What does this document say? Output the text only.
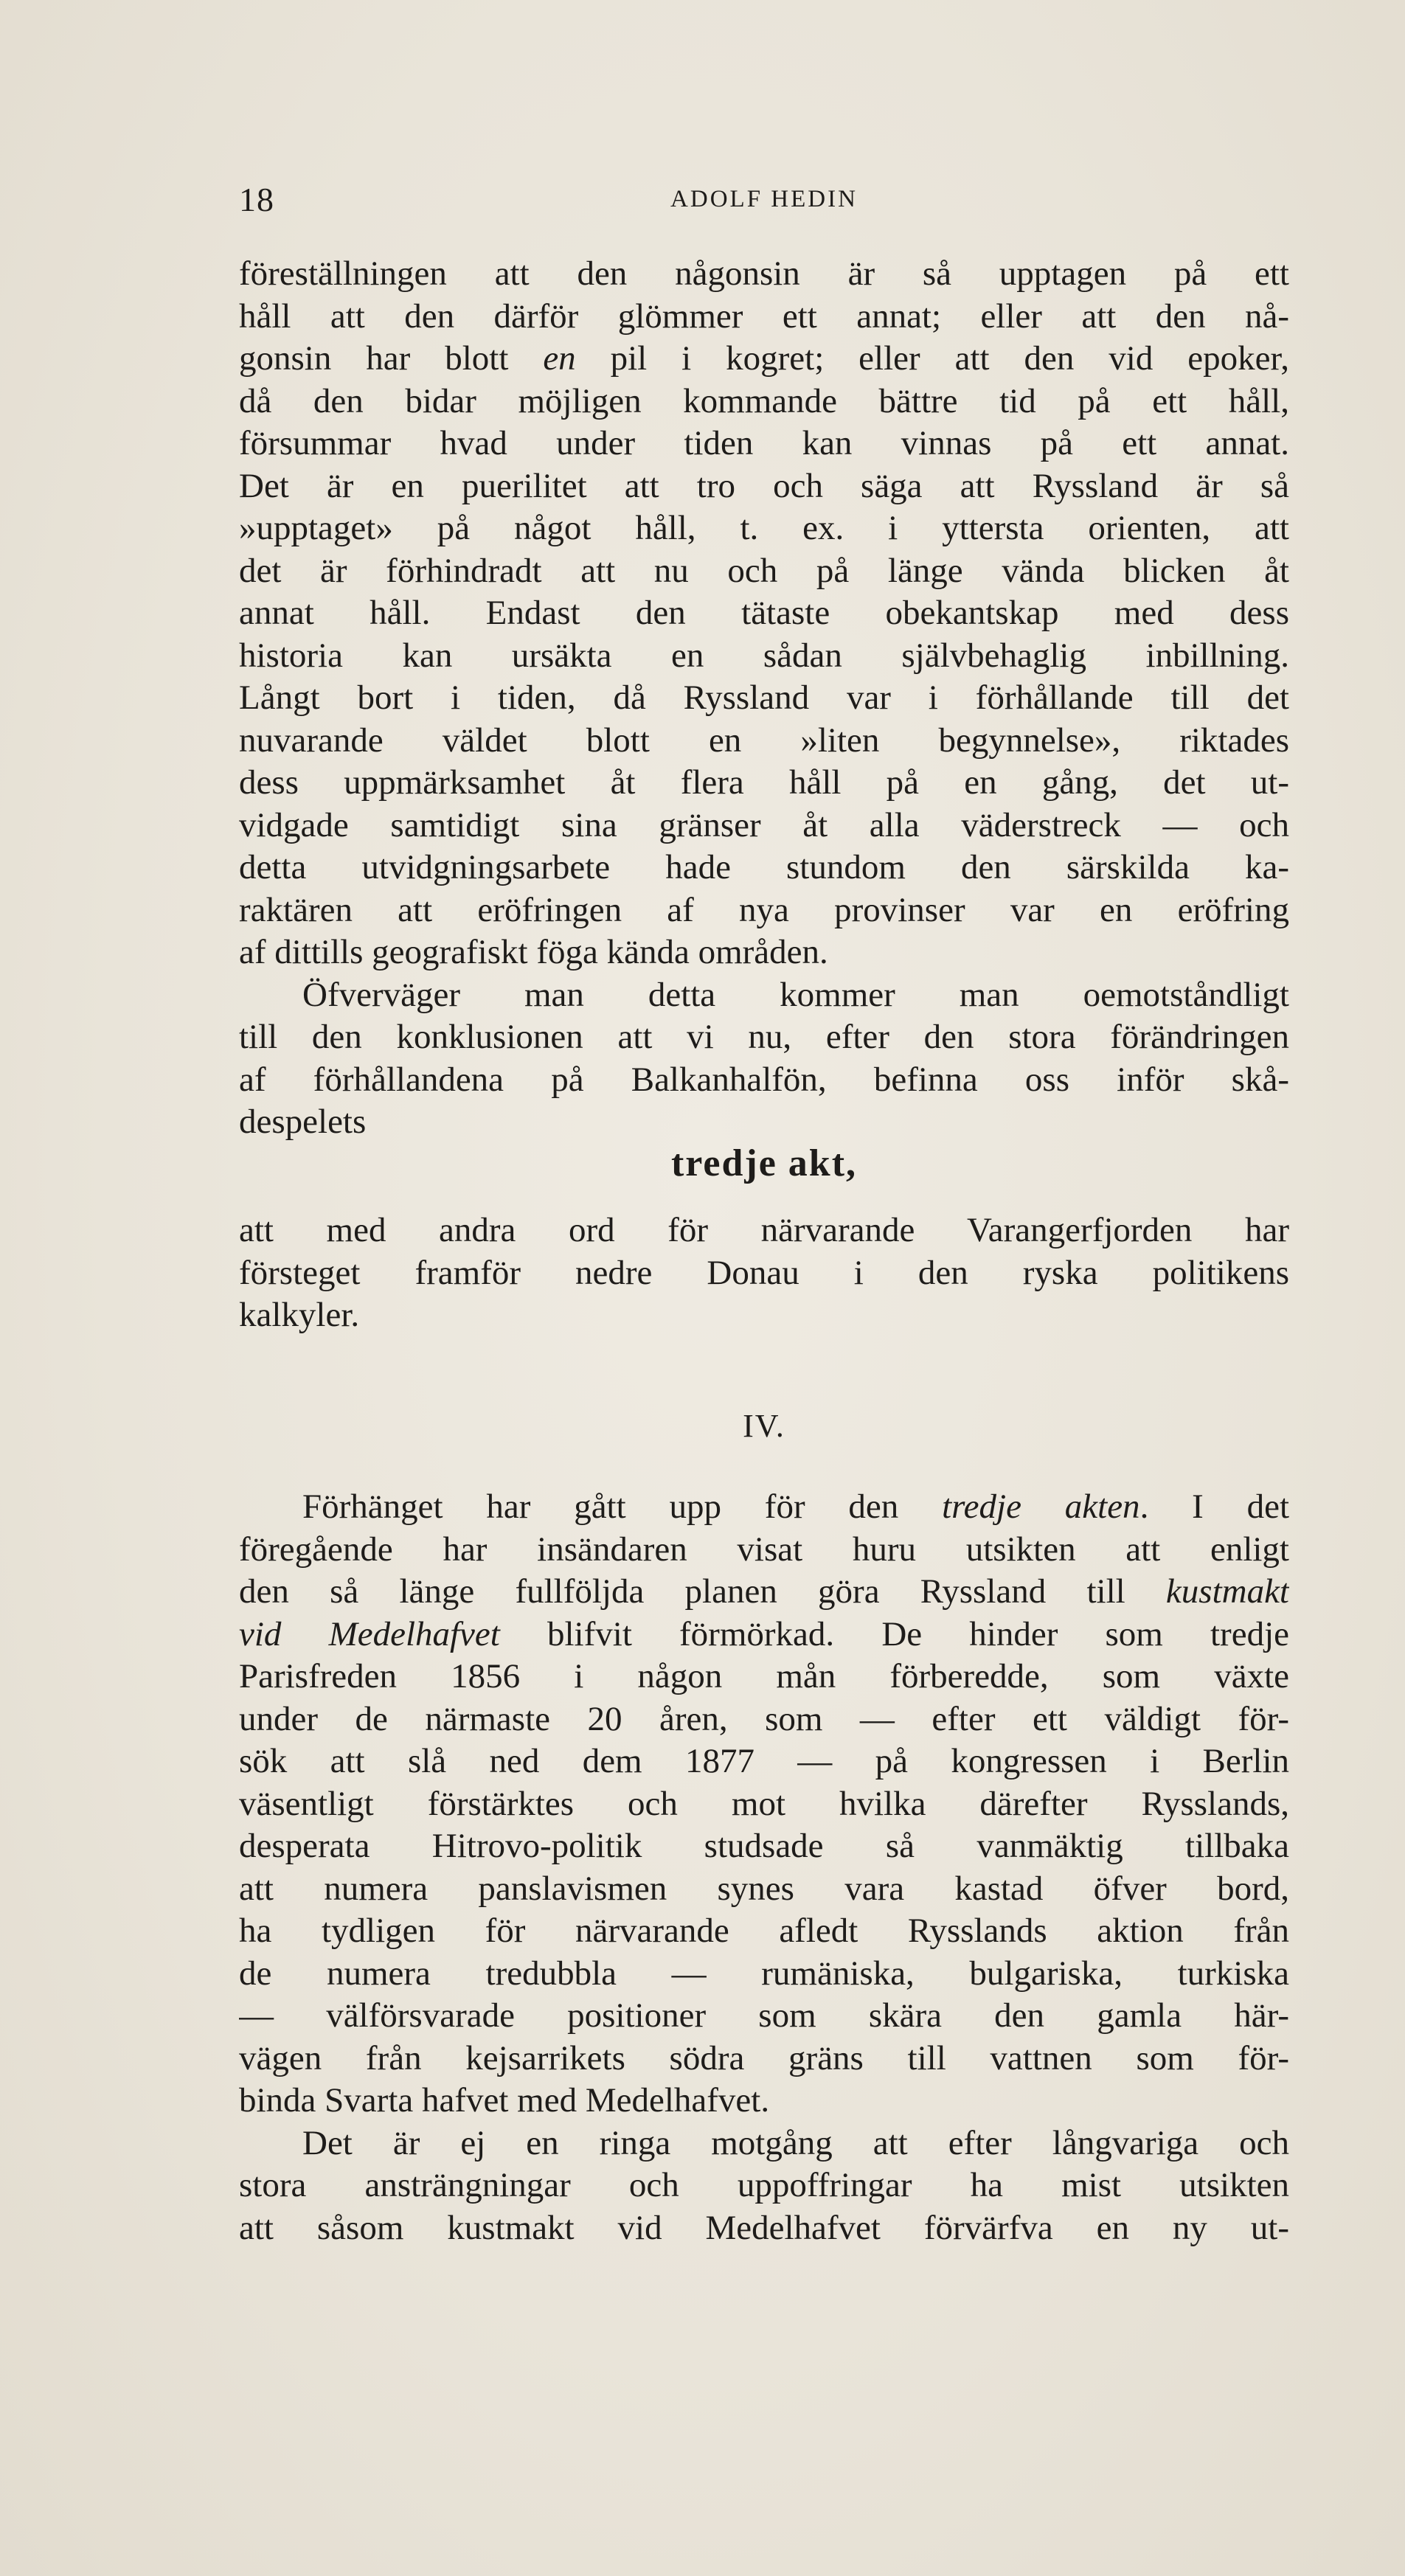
18	ADOLF HEDIN
föreställningen att den någonsin är så upptagen på ett
håll att den därför glömmer ett annat; eller att den nå-
gonsin har blott en pil i kogret; eller att den vid epoker,
då den bidar möjligen kommande bättre tid på ett håll,
försummar hvad under tiden kan vinnas på ett annat.
Det är en puerilitet att tro och säga att Ryssland är så
»upptaget» på något håll, t. ex. i yttersta orienten, att
det är förhindradt att nu och på länge vända blicken åt
annat håll. Endast den tätaste obekantskap med dess
historia kan ursäkta en sådan självbehaglig inbillning.
Långt bort i tiden, då Ryssland var i förhållande till det
nuvarande väldet blott en »liten begynnelse», riktades
dess uppmärksamhet åt flera håll på en gång, det ut-
vidgade samtidigt sina gränser åt alla väderstreck — och
detta utvidgningsarbete hade stundom den särskilda ka-
raktären att eröfringen af nya provinser var en eröfring
af dittills geografiskt föga kända områden.
Öfverväger man detta kommer man oemotståndligt
till den konklusionen att vi nu, efter den stora förändringen
af förhållandena på Balkanhalfön, befinna oss inför skå-
despelets
tredje akt,
att med andra ord för närvarande Varangerfjorden har
försteget framför nedre Donau i den ryska politikens
kalkyler.
IV.
Förhänget har gått upp för den tredje akten. I det
föregående har insändaren visat huru utsikten att enligt
den så länge fullföljda planen göra Ryssland till kustmakt
vid Medelhafvet blifvit förmörkad. De hinder som tredje
Parisfreden 1856 i någon mån förberedde, som växte
under de närmaste 20 åren, som — efter ett väldigt för-
sök att slå ned dem 1877 — på kongressen i Berlin
väsentligt förstärktes och mot hvilka därefter Rysslands,
desperata Hitrovo-politik studsade så vanmäktig tillbaka
att numera panslavismen synes vara kastad öfver bord,
ha tydligen för närvarande afledt Rysslands aktion från
de numera tredubbla — rumäniska, bulgariska, turkiska
— välförsvarade positioner som skära den gamla här-
vägen från kejsarrikets södra gräns till vattnen som för-
binda Svarta hafvet med Medelhafvet.
Det är ej en ringa motgång att efter långvariga och
stora ansträngningar och uppoffringar ha mist utsikten
att såsom kustmakt vid Medelhafvet förvärfva en ny ut-
